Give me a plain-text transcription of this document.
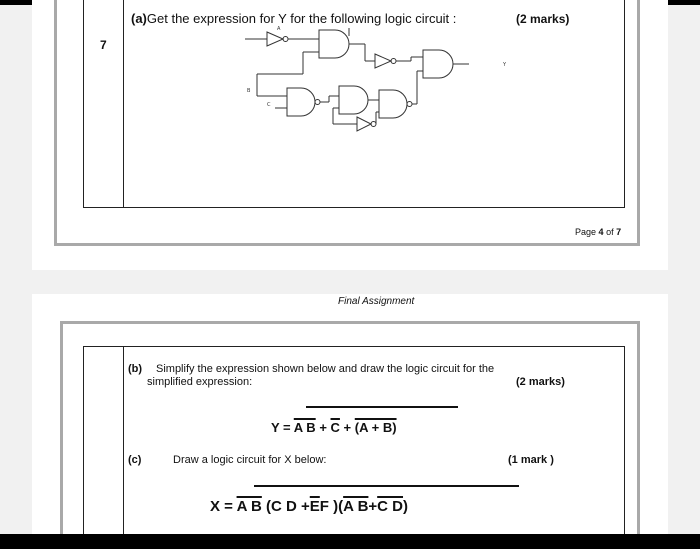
7
(a)Get the expression for Y for the following logic circuit :	(2 marks)
A
B
C
Y
Page 4 of 7
Final Assignment
(b) Simplify the expression shown below and draw the logic circuit for the
simplified expression:	(2 marks)
Y = A $B + \overline{C} + (A + B)$
(c)	Draw a logic circuit for X below:	(1 mark )
X = A B (C $D +\overline{E}F$ )(A B+C D)
